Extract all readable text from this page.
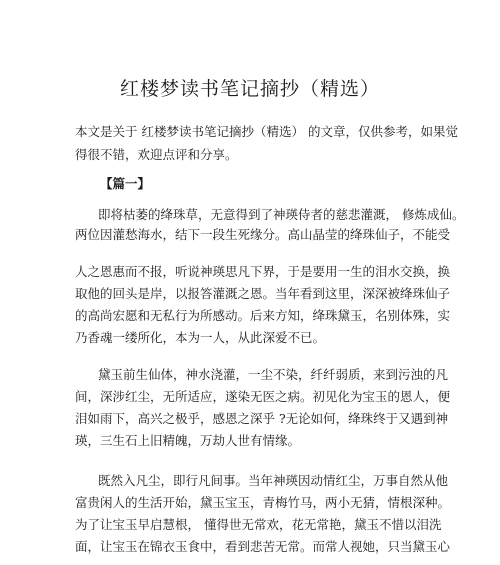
红楼梦读书笔记摘抄（精选）
本文是关于 红楼梦读书笔记摘抄（精选） 的文章，仅供参考，如果觉
得很不错，欢迎点评和分享。
【篇一】
即将枯萎的绛珠草，无意得到了神瑛侍者的慈悲灌溉， 修炼成仙。
两位因灌愁海水，结下一段生死缘分。高山晶莹的绛珠仙子，不能受
人之恩惠而不报，听说神瑛思凡下界，于是要用一生的泪水交换，换
取他的回头是岸，以报答灌溉之恩。当年看到这里，深深被绛珠仙子
的高尚宏愿和无私行为所感动。后来方知，绛珠黛玉，名别体殊，实
乃香魂一缕所化，本为一人，从此深爱不已。
黛玉前生仙体，神水浇灌，一尘不染，纤纤弱质，来到污浊的凡
间，深涉红尘，无所适应，遂染无医之病。初见化为宝玉的恩人，便
泪如雨下，高兴之极乎，感恩之深乎 ?无论如何，绛珠终于又遇到神
瑛，三生石上旧精魄，万劫人世有情缘。
既然入凡尘，即行凡间事。当年神瑛因动情红尘，万事自然从他
富贵闲人的生活开始，黛玉宝玉，青梅竹马，两小无猜，情根深种。
为了让宝玉早启慧根， 懂得世无常欢，花无常艳，黛玉不惜以泪洗
面，让宝玉在锦衣玉食中，看到悲苦无常。而常人视她，只当黛玉心
